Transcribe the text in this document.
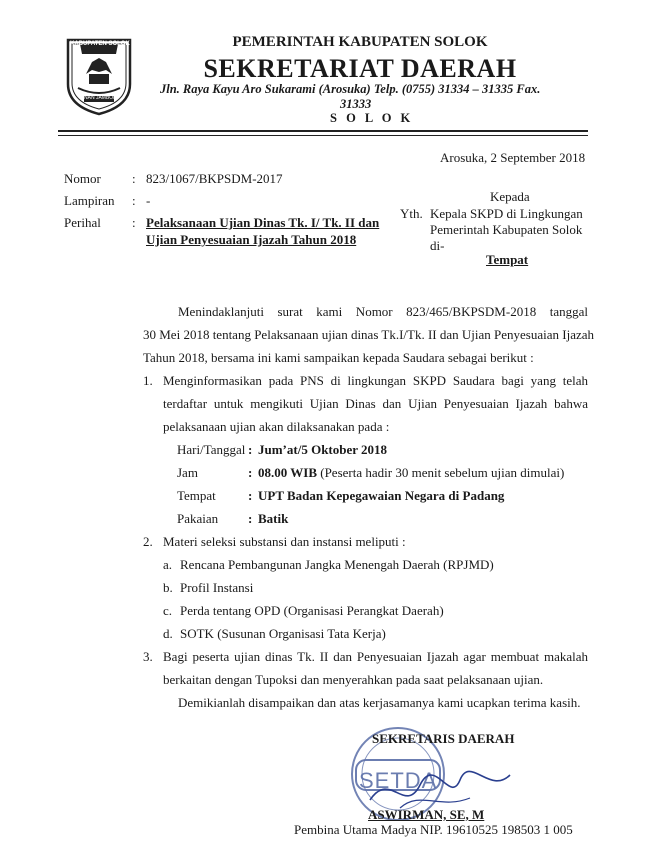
KABUPATEN SOLOK
NAN JAMBOK
PEMERINTAH KABUPATEN SOLOK
SEKRETARIAT DAERAH
Jln. Raya Kayu Aro Sukarami (Arosuka) Telp. (0755) 31334 – 31335 Fax.
31333
S O L O K
Arosuka, 2 September 2018
Nomor : 823/1067/BKPSDM-2017
Lampiran : -
Perihal : Pelaksanaan Ujian Dinas Tk. I/ Tk. II dan
Ujian Penyesuaian Ijazah Tahun 2018
Kepada
Yth. Kepala SKPD di Lingkungan
Pemerintah Kabupaten Solok
di-
Tempat
Menindaklanjuti surat kami Nomor 823/465/BKPSDM-2018 tanggal
30 Mei 2018 tentang Pelaksanaan ujian dinas Tk.I/Tk. II dan Ujian Penyesuaian Ijazah
Tahun 2018, bersama ini kami sampaikan kepada Saudara sebagai berikut :
1. Menginformasikan pada PNS di lingkungan SKPD Saudara bagi yang telah
terdaftar untuk mengikuti Ujian Dinas dan Ujian Penyesuaian Ijazah bahwa
pelaksanaan ujian akan dilaksanakan pada :
Hari/Tanggal : Jum’at/5 Oktober 2018
Jam	: 08.00 WIB (Peserta hadir 30 menit sebelum ujian dimulai)
Tempat : UPT Badan Kepegawaian Negara di Padang
Pakaian : Batik
2. Materi seleksi substansi dan instansi meliputi :
a. Rencana Pembangunan Jangka Menengah Daerah (RPJMD)
b. Profil Instansi
c. Perda tentang OPD (Organisasi Perangkat Daerah)
d. SOTK (Susunan Organisasi Tata Kerja)
3. Bagi peserta ujian dinas Tk. II dan Penyesuaian Ijazah agar membuat makalah
berkaitan dengan Tupoksi dan menyerahkan pada saat pelaksanaan ujian.
Demikianlah disampaikan dan atas kerjasamanya kami ucapkan terima kasih.
SETDA
SEKRETARIS DAERAH
ASWIRMAN, SE, M
Pembina Utama Madya NIP. 19610525 198503 1 005
